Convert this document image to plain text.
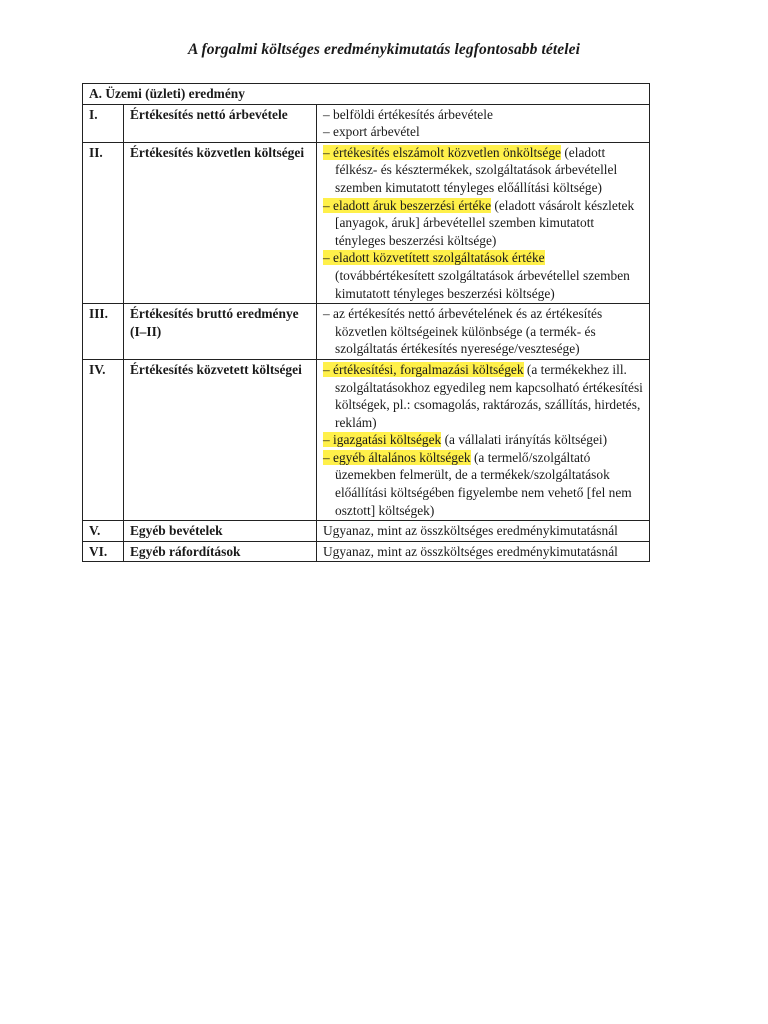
A forgalmi költséges eredménykimutatás legfontosabb tételei
A. Üzemi (üzleti) eredmény		
I.	Értékesítés nettó árbevétele	– belföldi értékesítés árbevétele
– export árbevétel

II.	Értékesítés közvetlen költségei	– értékesítés elszámolt közvetlen önköltsége (eladott félkész- és késztermékek, szolgáltatások árbevétellel szemben kimutatott tényleges előállítási költsége)
– eladott áruk beszerzési értéke (eladott vásárolt készletek [anyagok, áruk] árbevétellel szemben kimutatott tényleges beszerzési költsége)
– eladott közvetített szolgáltatások értéke (továbbértékesített szolgáltatások árbevétellel szemben kimutatott tényleges beszerzési költsége)

III.	Értékesítés bruttó eredménye (I–II)	– az értékesítés nettó árbevételének és az értékesítés közvetlen költségeinek különbsége (a termék- és szolgáltatás értékesítés nyeresége/vesztesége)

IV.	Értékesítés közvetett költségei	– értékesítési, forgalmazási költségek (a termékekhez ill. szolgáltatásokhoz egyedileg nem kapcsolható értékesítési költségek, pl.: csomagolás, raktározás, szállítás, hirdetés, reklám)
– igazgatási költségek (a vállalati irányítás költségei)
– egyéb általános költségek (a termelő/szolgáltató üzemekben felmerült, de a termékek/szolgáltatások előállítási költségében figyelembe nem vehető [fel nem osztott] költségek)

V.	Egyéb bevételek	Ugyanaz, mint az összköltséges eredménykimutatásnál

VI.	Egyéb ráfordítások	Ugyanaz, mint az összköltséges eredménykimutatásnál
